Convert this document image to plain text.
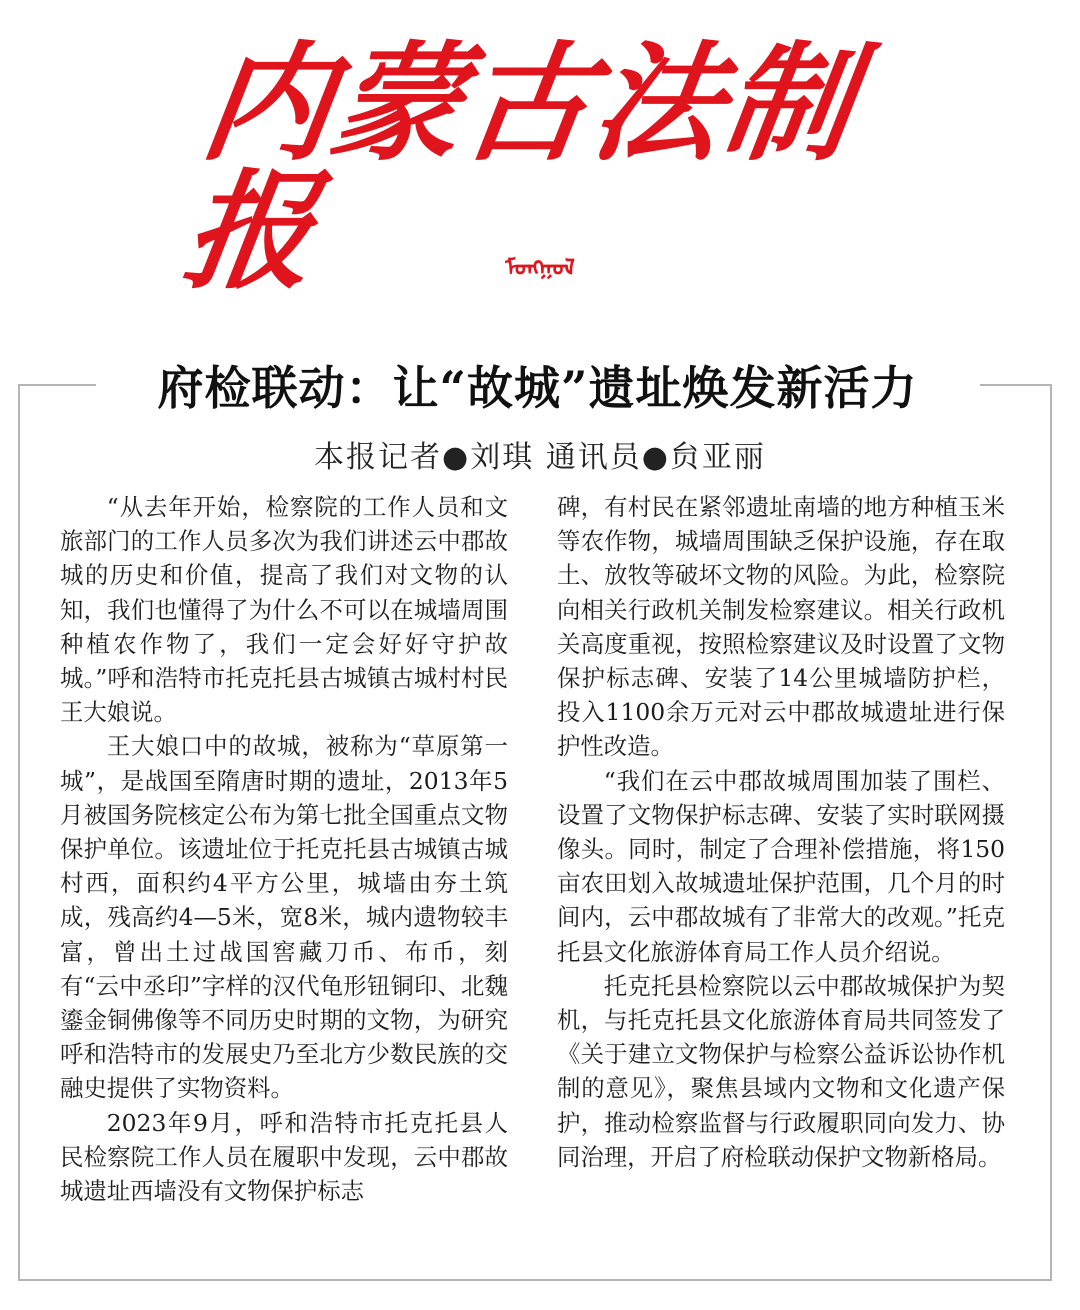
内蒙古法制报	ᠮᠣᠩᠭᠣᠯ
府检联动：让“故城”遗址焕发新活力
本报记者●刘琪 通讯员●贠亚丽

“从去年开始，检察院的工作人员和文旅部门的工作人员多次为我们讲述云中郡故城的历史和价值，提高了我们对文物的认知，我们也懂得了为什么不可以在城墙周围种植农作物了，我们一定会好好守护故城。”呼和浩特市托克托县古城镇古城村村民王大娘说。

王大娘口中的故城，被称为“草原第一城”，是战国至隋唐时期的遗址，2013年5月被国务院核定公布为第七批全国重点文物保护单位。该遗址位于托克托县古城镇古城村西，面积约4平方公里，城墙由夯土筑成，残高约4—5米，宽8米，城内遗物较丰富，曾出土过战国窖藏刀币、布币，刻有“云中丞印”字样的汉代龟形钮铜印、北魏鎏金铜佛像等不同历史时期的文物，为研究呼和浩特市的发展史乃至北方少数民族的交融史提供了实物资料。

2023年9月，呼和浩特市托克托县人民检察院工作人员在履职中发现，云中郡故城遗址西墙没有文物保护标志

碑，有村民在紧邻遗址南墙的地方种植玉米等农作物，城墙周围缺乏保护设施，存在取土、放牧等破坏文物的风险。为此，检察院向相关行政机关制发检察建议。相关行政机关高度重视，按照检察建议及时设置了文物保护标志碑、安装了14公里城墙防护栏，投入1100余万元对云中郡故城遗址进行保护性改造。

“我们在云中郡故城周围加装了围栏、设置了文物保护标志碑、安装了实时联网摄像头。同时，制定了合理补偿措施，将150亩农田划入故城遗址保护范围，几个月的时间内，云中郡故城有了非常大的改观。”托克托县文化旅游体育局工作人员介绍说。

托克托县检察院以云中郡故城保护为契机，与托克托县文化旅游体育局共同签发了《关于建立文物保护与检察公益诉讼协作机制的意见》，聚焦县域内文物和文化遗产保护，推动检察监督与行政履职同向发力、协同治理，开启了府检联动保护文物新格局。
